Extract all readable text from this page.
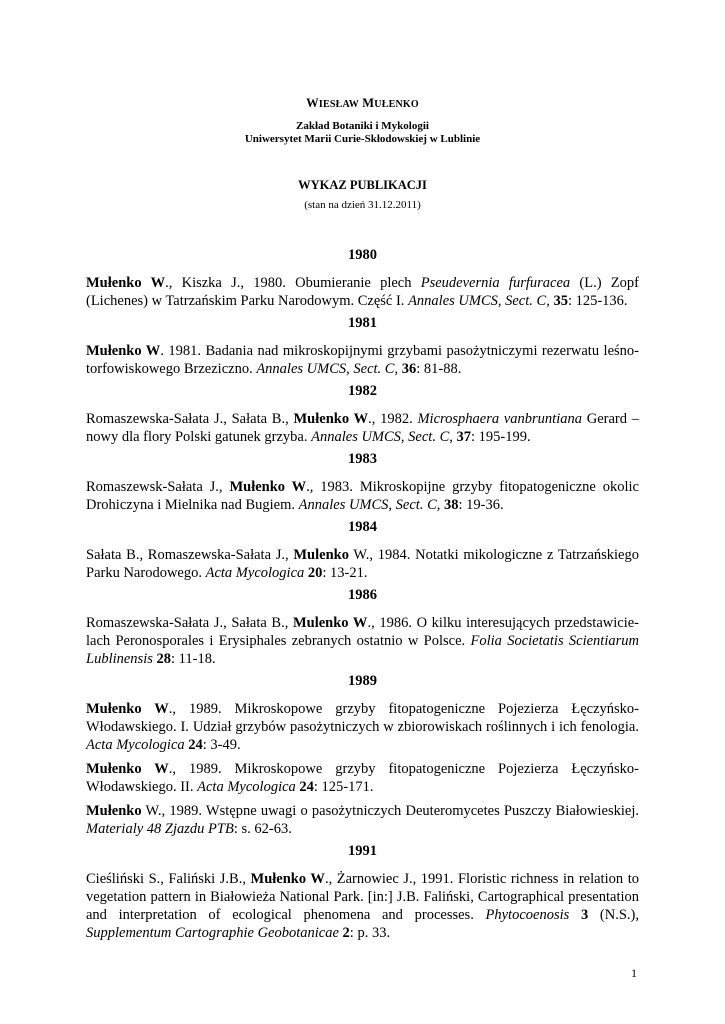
WIESŁAW MUŁENKO
Zakład Botaniki i Mykologii
Uniwersytet Marii Curie-Skłodowskiej w Lublinie
WYKAZ PUBLIKACJI
(stan na dzień 31.12.2011)
1980

Mułenko W., Kiszka J., 1980. Obumieranie plech Pseudevernia furfuracea (L.) Zopf (Lichenes) w Tatrzańskim Parku Narodowym. Część I. Annales UMCS, Sect. C, 35: 125-136.

1981

Mułenko W. 1981. Badania nad mikroskopijnymi grzybami pasożytniczymi rezerwatu leśno-torfowiskowego Brzeziczno. Annales UMCS, Sect. C, 36: 81-88.

1982

Romaszewska-Sałata J., Sałata B., Mułenko W., 1982. Microsphaera vanbruntiana Gerard – nowy dla flory Polski gatunek grzyba. Annales UMCS, Sect. C, 37: 195-199.

1983

Romaszewsk-Sałata J., Mułenko W., 1983. Mikroskopijne grzyby fitopatogeniczne okolic Drohiczyna i Mielnika nad Bugiem. Annales UMCS, Sect. C, 38: 19-36.

1984

Sałata B., Romaszewska-Sałata J., Mulenko W., 1984. Notatki mikologiczne z Tatrzańskiego Parku Narodowego. Acta Mycologica 20: 13-21.

1986

Romaszewska-Sałata J., Sałata B., Mulenko W., 1986. O kilku interesujących przedstawicie-lach Peronosporales i Erysiphales zebranych ostatnio w Polsce. Folia Societatis Scientiarum Lublinensis 28: 11-18.

1989

Mułenko W., 1989. Mikroskopowe grzyby fitopatogeniczne Pojezierza Łęczyńsko-Włodawskiego. I. Udział grzybów pasożytniczych w zbiorowiskach roślinnych i ich fenologia. Acta Mycologica 24: 3-49.

Mułenko W., 1989. Mikroskopowe grzyby fitopatogeniczne Pojezierza Łęczyńsko-Włodawskiego. II. Acta Mycologica 24: 125-171.

Mułenko W., 1989. Wstępne uwagi o pasożytniczych Deuteromycetes Puszczy Białowieskiej. Materialy 48 Zjazdu PTB: s. 62-63.

1991

Cieśliński S., Faliński J.B., Mułenko W., Żarnowiec J., 1991. Floristic richness in relation to vegetation pattern in Białowieża National Park. [in:] J.B. Faliński, Cartographical presentation and interpretation of ecological phenomena and processes. Phytocoenosis 3 (N.S.), Supplementum Cartographie Geobotanicae 2: p. 33.

1
